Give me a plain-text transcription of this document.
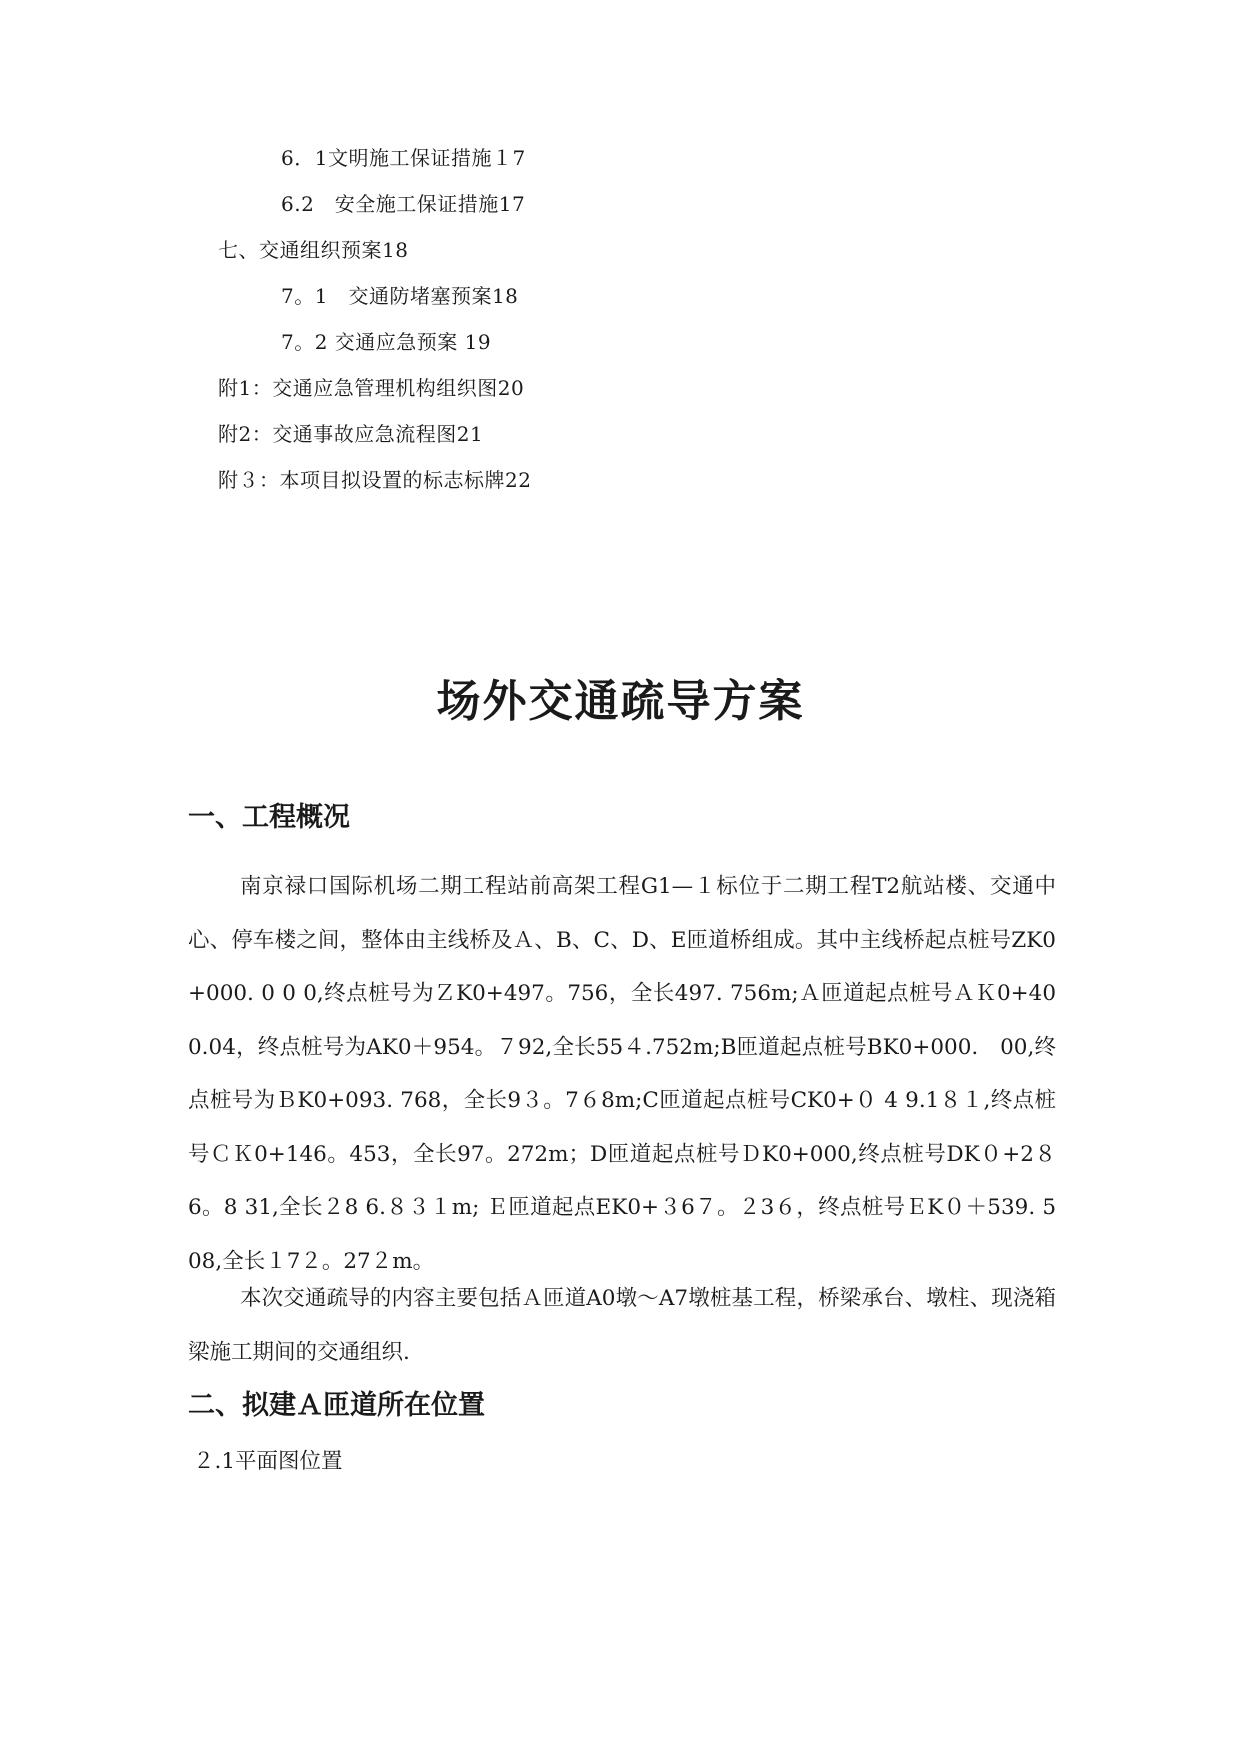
6．1文明施工保证措施１7
6.2　安全施工保证措施17
七、交通组织预案18
7。1　交通防堵塞预案18
7。2 交通应急预案 19
附1：交通应急管理机构组织图20
附2：交通事故应急流程图21
附３：本项目拟设置的标志标牌22
场外交通疏导方案
一、工程概况

南京禄口国际机场二期工程站前高架工程G1—１标位于二期工程T2航站楼、交通中心、停车楼之间，整体由主线桥及Ａ、B、C、D、E匝道桥组成。其中主线桥起点桩号ZK0+000. 0 0 0,终点桩号为ＺK0+497。756，全长497. 756m;Ａ匝道起点桩号ＡＫ0+400.04，终点桩号为AK0＋954。７92,全长55４.752m;B匝道起点桩号BK0+000.　00,终点桩号为ＢK0+093. 768，全长9３。7６8m;C匝道起点桩号CK0+０ 4 9.1８１,终点桩号ＣＫ0+146。453，全长97。272m；D匝道起点桩号ＤK0+000,终点桩号DK０+2８6。8 31,全长２8 6.８３１m; Ｅ匝道起点EK0+３6７。２3６，终点桩号ＥK０＋539. 5 08,全长１7２。27２m。

本次交通疏导的内容主要包括Ａ匝道A0墩～A7墩桩基工程，桥梁承台、墩柱、现浇箱梁施工期间的交通组织.

二、拟建Ａ匝道所在位置
２.1平面图位置
